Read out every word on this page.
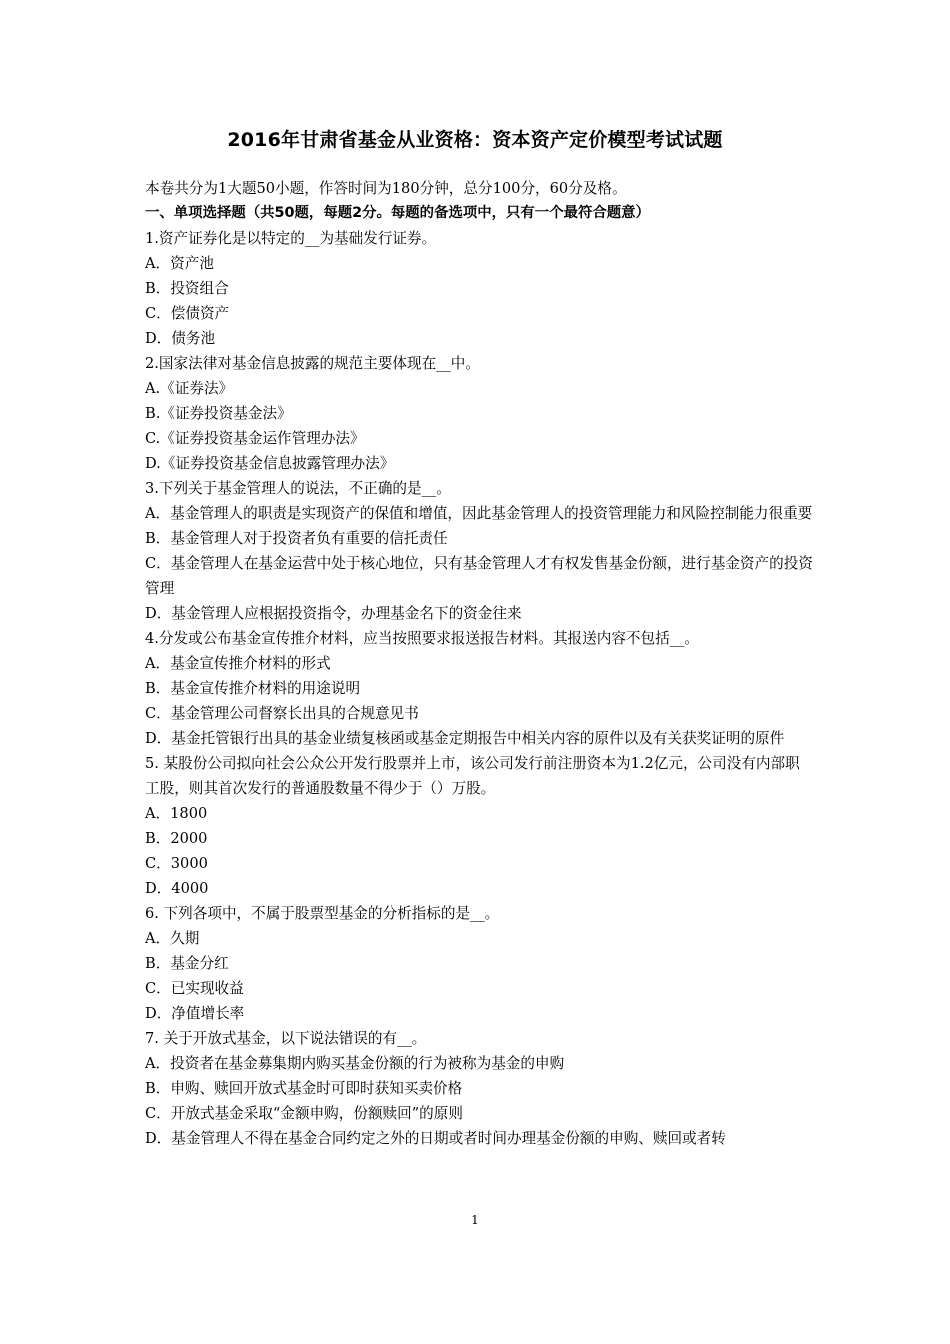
2016年甘肃省基金从业资格：资本资产定价模型考试试题
本卷共分为1大题50小题，作答时间为180分钟，总分100分，60分及格。
一、单项选择题（共50题，每题2分。每题的备选项中，只有一个最符合题意）
1.资产证券化是以特定的__为基础发行证券。
A．资产池
B．投资组合
C．偿债资产
D．债务池
2.国家法律对基金信息披露的规范主要体现在__中。
A.《证券法》
B.《证券投资基金法》
C.《证券投资基金运作管理办法》
D.《证券投资基金信息披露管理办法》
3.下列关于基金管理人的说法，不正确的是__。
A．基金管理人的职责是实现资产的保值和增值，因此基金管理人的投资管理能力和风险控制能力很重要
B．基金管理人对于投资者负有重要的信托责任
C．基金管理人在基金运营中处于核心地位，只有基金管理人才有权发售基金份额，进行基金资产的投资管理
D．基金管理人应根据投资指令，办理基金名下的资金往来
4.分发或公布基金宣传推介材料，应当按照要求报送报告材料。其报送内容不包括__。
A．基金宣传推介材料的形式
B．基金宣传推介材料的用途说明
C．基金管理公司督察长出具的合规意见书
D．基金托管银行出具的基金业绩复核函或基金定期报告中相关内容的原件以及有关获奖证明的原件
5. 某股份公司拟向社会公众公开发行股票并上市，该公司发行前注册资本为1.2亿元，公司没有内部职工股，则其首次发行的普通股数量不得少于（）万股。
A．1800
B．2000
C．3000
D．4000
6. 下列各项中，不属于股票型基金的分析指标的是__。
A．久期
B．基金分红
C．已实现收益
D．净值增长率
7. 关于开放式基金，以下说法错误的有__。
A．投资者在基金募集期内购买基金份额的行为被称为基金的申购
B．申购、赎回开放式基金时可即时获知买卖价格
C．开放式基金采取“金额申购，份额赎回”的原则
D．基金管理人不得在基金合同约定之外的日期或者时间办理基金份额的申购、赎回或者转
1
